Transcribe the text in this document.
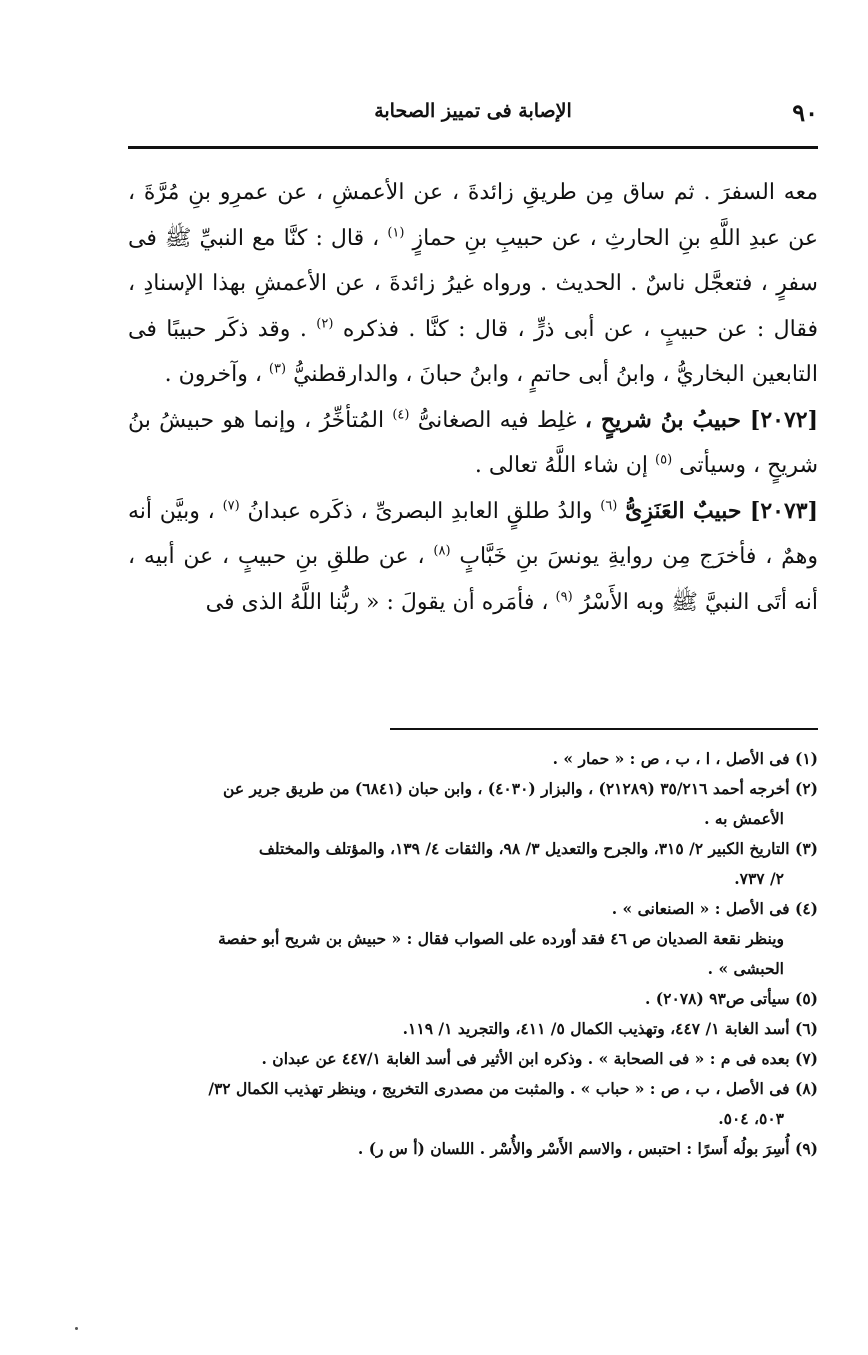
٩٠
الإصابة فى تمييز الصحابة

معه السفرَ . ثم ساق مِن طريقِ زائدةَ ، عن الأعمشِ ، عن عمرِو بنِ مُرَّةَ ، عن عبدِ اللَّهِ بنِ الحارثِ ، عن حبيبِ بنِ حمازٍ $^{(١)}$ ، قال : كنَّا مع النبيِّ ﷺ فى سفرٍ ، فتعجَّل ناسٌ . الحديث . ورواه غيرُ زائدةَ ، عن الأعمشِ بهذا الإسنادِ ، فقال : عن حبيبٍ ، عن أبى ذرٍّ ، قال : كنَّا . فذكره $^{(٢)}$ . وقد ذكَر حبيبًا فى التابعين البخاريُّ ، وابنُ أبى حاتمٍ ، وابنُ حبانَ ، والدارقطنيُّ $^{(٣)}$ ، وآخرون .

[٢٠٧٢] حبيبُ بنُ شريحٍ ، غلِط فيه الصغانىُّ $^{(٤)}$ المُتأخِّرُ ، وإنما هو حبيشُ بنُ شريحٍ ، وسيأتى $^{(٥)}$ إن شاء اللَّهُ تعالى .

[٢٠٧٣] حبيبٌ العَنَزِىُّ $^{(٦)}$ والدُ طلقٍ العابدِ البصرىِّ ، ذكَره عبدانُ $^{(٧)}$ ، وبيَّن أنه وهمٌ ، فأخرَج مِن روايةِ يونسَ بنِ خَبَّابٍ $^{(٨)}$ ، عن طلقِ بنِ حبيبٍ ، عن أبيه ، أنه أتَى النبيَّ ﷺ وبه الأَسْرُ $^{(٩)}$ ، فأمَره أن يقولَ : « ربُّنا اللَّهُ الذى فى

(١) فى الأصل ، ا ، ب ، ص : « حمار » .

(٢) أخرجه أحمد ٣٥/٢١٦ (٢١٢٨٩) ، والبزار (٤٠٣٠) ، وابن حبان (٦٨٤١) من طريق جرير عن

الأعمش به .

(٣) التاريخ الكبير ٢/ ٣١٥، والجرح والتعديل ٣/ ٩٨، والثقات ٤/ ١٣٩، والمؤتلف والمختلف

٢/ ٧٣٧.

(٤) فى الأصل : « الصنعانى » .

وينظر نقعة الصديان ص ٤٦ فقد أورده على الصواب فقال : « حبيش بن شريح أبو حفصة

الحبشى » .

(٥) سيأتى ص٩٣ (٢٠٧٨) .

(٦) أسد الغابة ١/ ٤٤٧، وتهذيب الكمال ٥/ ٤١١، والتجريد ١/ ١١٩.

(٧) بعده فى م : « فى الصحابة » . وذكره ابن الأثير فى أسد الغابة ٤٤٧/١ عن عبدان .

(٨) فى الأصل ، ب ، ص : « حباب » . والمثبت من مصدرى التخريج ، وينظر تهذيب الكمال ٣٢/

٥٠٣، ٥٠٤.

(٩) أُسِرَ بولُه أَسرًا : احتبس ، والاسم الأَسْر والأُسْر . اللسان (أ س ر) .
